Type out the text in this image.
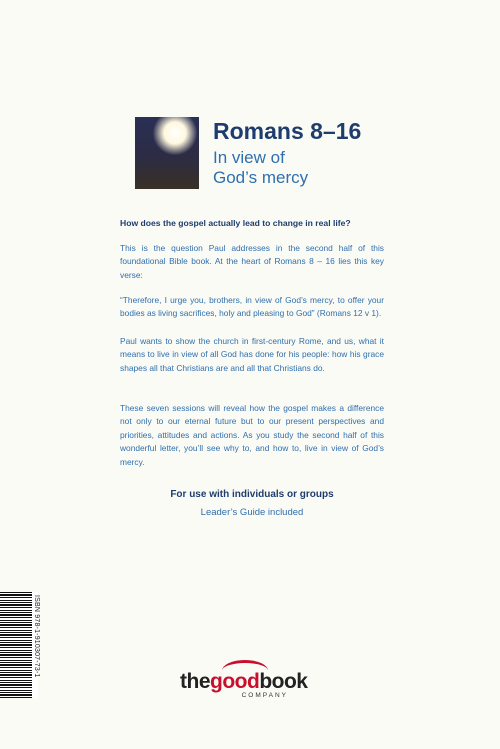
Romans 8–16
In view of
God’s mercy
How does the gospel actually lead to change in real life?
This is the question Paul addresses in the second half of this foundational Bible book. At the heart of Romans 8 – 16 lies this key verse:
“Therefore, I urge you, brothers, in view of God’s mercy, to offer your bodies as living sacrifices, holy and pleasing to God” (Romans 12 v 1).
Paul wants to show the church in first-century Rome, and us, what it means to live in view of all God has done for his people: how his grace shapes all that Christians are and all that Christians do.
These seven sessions will reveal how the gospel makes a difference not only to our eternal future but to our present perspectives and priorities, attitudes and actions. As you study the second half of this wonderful letter, you’ll see why to, and how to, live in view of God’s mercy.
For use with individuals or groups
Leader’s Guide included
ISBN 978-1-910307-73-1
thegoodbook
COMPANY
